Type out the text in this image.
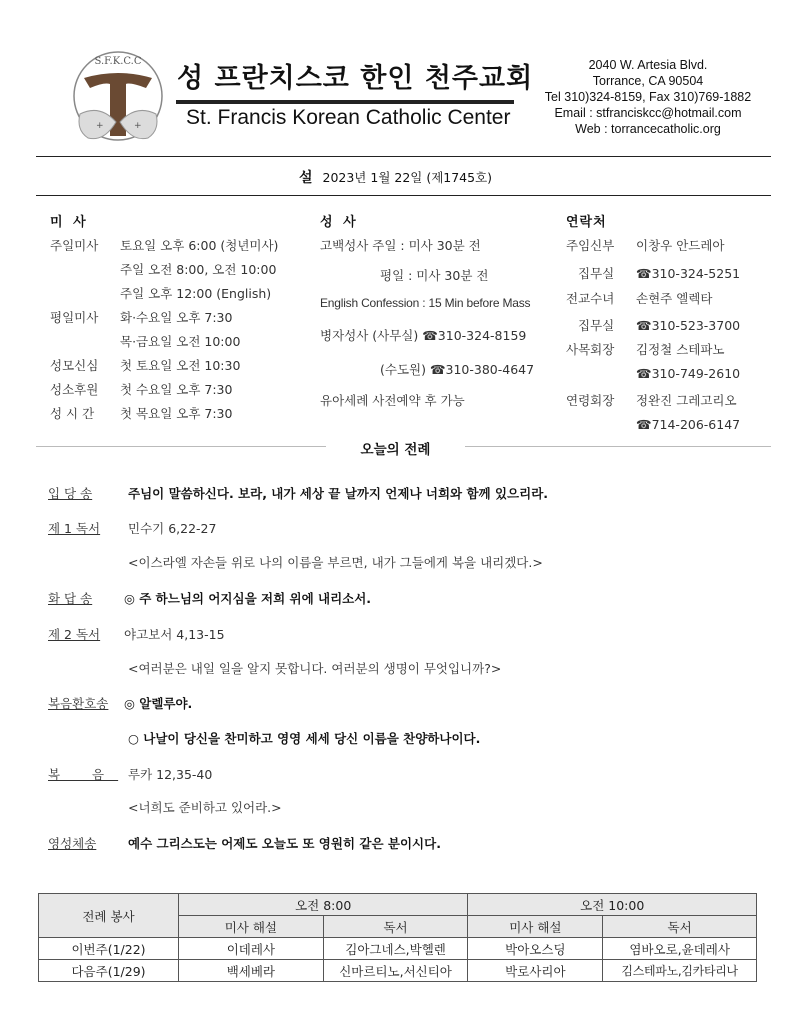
S.F.K.C.C
+	+
성 프란치스코 한인 천주교회
St. Francis Korean Catholic Center
2040 W. Artesia Blvd.
Torrance, CA 90504
Tel 310)324-8159, Fax 310)769-1882
Email : stfranciskcc@hotmail.com
Web : torrancecatholic.org
설 2023년 1월 22일 (제1745호)
미 사
주일미사 토요일 오후 6:00 (청년미사)
주일 오전 8:00, 오전 10:00
주일 오후 12:00 (English)
평일미사 화·수요일 오후 7:30
목·금요일 오전 10:00
성모신심 첫 토요일 오전 10:30
성소후원 첫 수요일 오후 7:30
성 시 간 첫 목요일 오후 7:30
성 사
고백성사 주일 : 미사 30분 전
평일 : 미사 30분 전
English Confession : 15 Min before Mass
병자성사 (사무실) ☎310-324-8159
(수도원) ☎310-380-4647
유아세례 사전예약 후 가능
연락처
주임신부 이창우 안드레아
집무실 ☎310-324-5251
전교수녀 손현주 엘렉타
집무실 ☎310-523-3700
사목회장 김정철 스테파노
☎310-749-2610
연령회장 정완진 그레고리오
☎714-206-6147
오늘의 전례
입 당 송	주님이 말씀하신다. 보라, 내가 세상 끝 날까지 언제나 너희와 함께 있으리라.
제 1 독서 민수기 6,22-27
<이스라엘 자손들 위로 나의 이름을 부르면, 내가 그들에게 복을 내리겠다.>
화 답 송	◎ 주 하느님의 어지심을 저희 위에 내리소서.
제 2 독서 야고보서 4,13-15
<여러분은 내일 일을 알지 못합니다. 여러분의 생명이 무엇입니까?>
복음환호송 ◎ 알렐루야.
○ 나날이 당신을 찬미하고 영영 세세 당신 이름을 찬양하나이다.
복 음 루카 12,35-40
<너희도 준비하고 있어라.>
영성체송	예수 그리스도는 어제도 오늘도 또 영원히 같은 분이시다.
전례 봉사	오전 8:00		오전 10:00	
	미사 해설	독서	미사 해설	독서
이번주(1/22)	이데레사	김아그네스,박헬렌	박아오스딩	염바오로,윤데레사
다음주(1/29)	백세베라	신마르티노,서신티아	박로사리아	김스테파노,김카타리나
